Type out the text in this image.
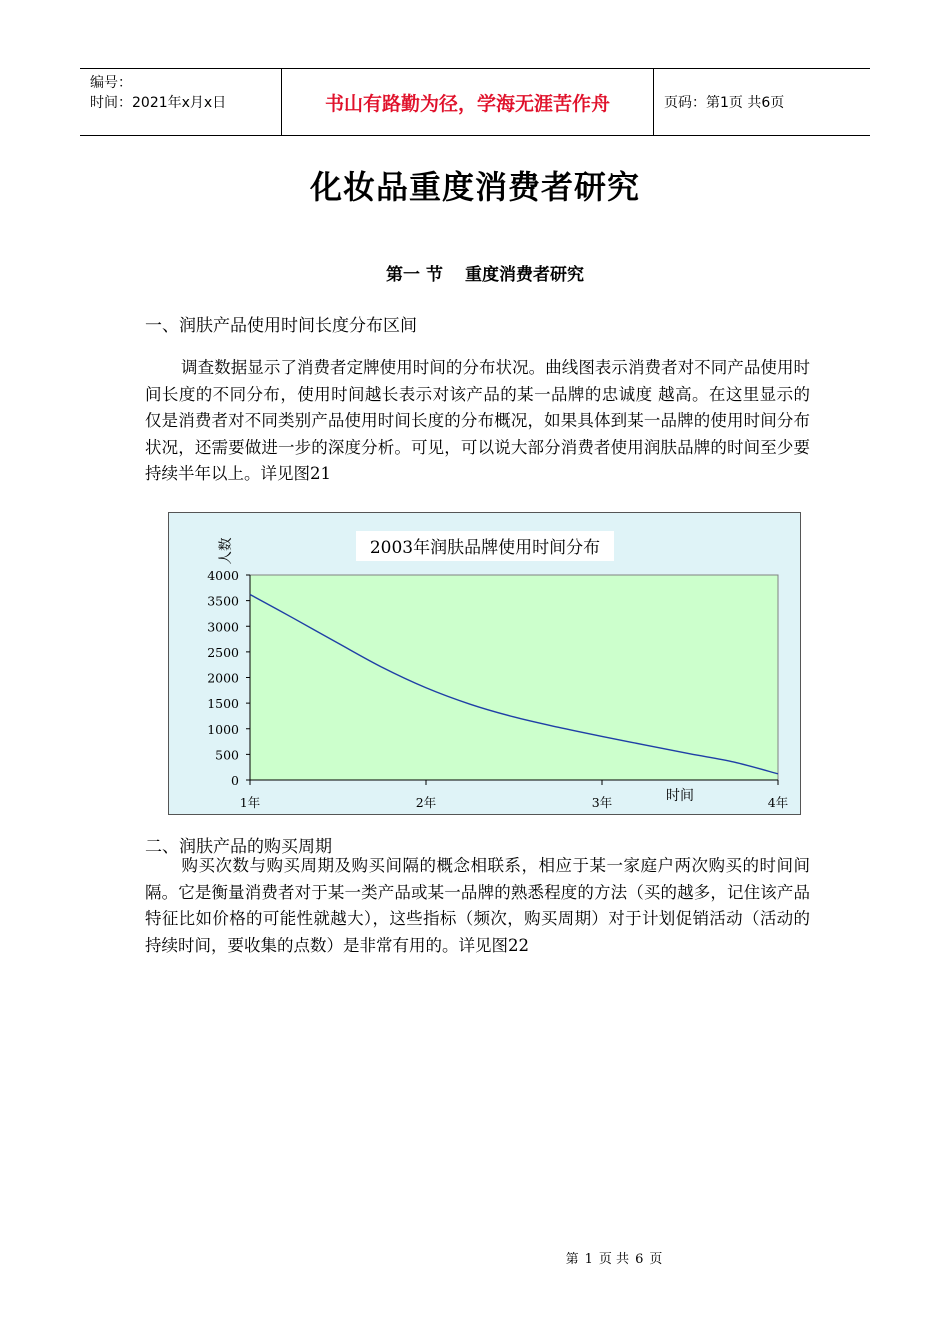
编号：
时间：2021年x月x日	书山有路勤为径，学海无涯苦作舟	页码：第1页 共6页
化妆品重度消费者研究
第一 节 重度消费者研究
一、润肤产品使用时间长度分布区间
调查数据显示了消费者定牌使用时间的分布状况。曲线图表示消费者对不同产品使用时间长度的不同分布，使用时间越长表示对该产品的某一品牌的忠诚度 越高。在这里显示的仅是消费者对不同类别产品使用时间长度的分布概况，如果具体到某一品牌的使用时间分布状况，还需要做进一步的深度分析。可见，可以说大部分消费者使用润肤品牌的时间至少要持续半年以上。详见图21
2003年润肤品牌使用时间分布
0
500
1000
1500
2000
2500
3000
3500
4000
1年	2年	3年	4年
人数
时间
二、润肤产品的购买周期
购买次数与购买周期及购买间隔的概念相联系，相应于某一家庭户两次购买的时间间隔。它是衡量消费者对于某一类产品或某一品牌的熟悉程度的方法（买的越多，记住该产品特征比如价格的可能性就越大），这些指标（频次，购买周期）对于计划促销活动（活动的持续时间，要收集的点数）是非常有用的。详见图22
第 1 页 共 6 页
